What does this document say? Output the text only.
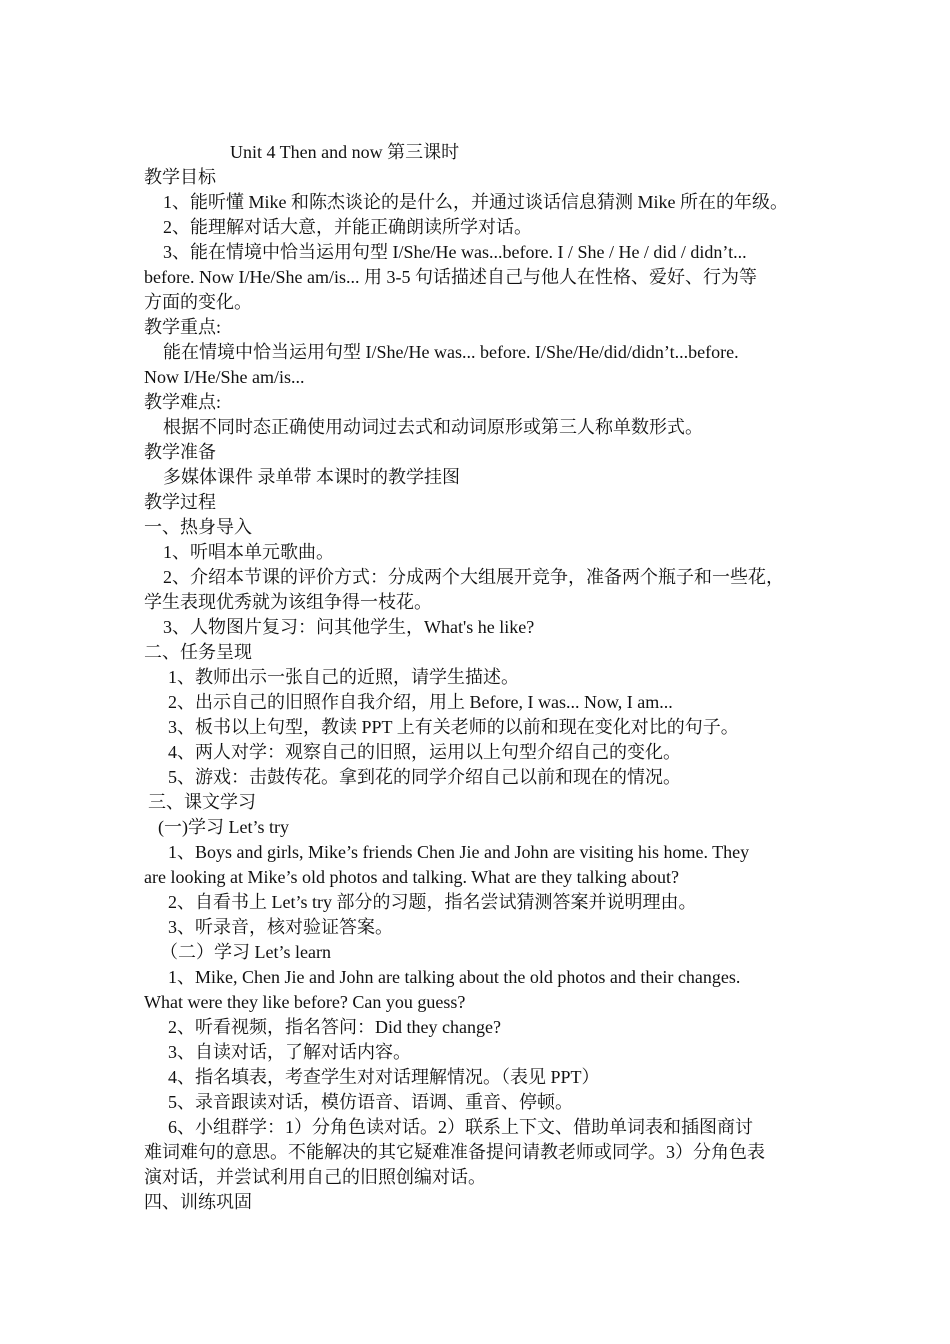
Unit 4 Then and now 第三课时
教学目标
1、能听懂 Mike 和陈杰谈论的是什么，并通过谈话信息猜测 Mike 所在的年级。
2、能理解对话大意，并能正确朗读所学对话。
3、能在情境中恰当运用句型 I/She/He was...before. I / She / He / did / didn’t...
before. Now I/He/She am/is... 用 3-5 句话描述自己与他人在性格、爱好、行为等
方面的变化。
教学重点:
能在情境中恰当运用句型 I/She/He was... before. I/She/He/did/didn’t...before.
Now I/He/She am/is...
教学难点:
根据不同时态正确使用动词过去式和动词原形或第三人称单数形式。
教学准备
多媒体课件 录单带 本课时的教学挂图
教学过程
一、热身导入
1、听唱本单元歌曲。
2、介绍本节课的评价方式：分成两个大组展开竞争，准备两个瓶子和一些花，
学生表现优秀就为该组争得一枝花。
3、人物图片复习：问其他学生，What's he like?
二、任务呈现
1、教师出示一张自己的近照，请学生描述。
2、出示自己的旧照作自我介绍，用上 Before, I was... Now, I am...
3、板书以上句型，教读 PPT 上有关老师的以前和现在变化对比的句子。
4、两人对学：观察自己的旧照，运用以上句型介绍自己的变化。
5、游戏：击鼓传花。拿到花的同学介绍自己以前和现在的情况。
三、课文学习
(一)学习 Let’s try
1、Boys and girls, Mike’s friends Chen Jie and John are visiting his home. They
are looking at Mike’s old photos and talking. What are they talking about?
2、自看书上 Let’s try 部分的习题，指名尝试猜测答案并说明理由。
3、听录音，核对验证答案。
（二）学习 Let’s learn
1、Mike, Chen Jie and John are talking about the old photos and their changes.
What were they like before? Can you guess?
2、听看视频，指名答问：Did they change?
3、自读对话，了解对话内容。
4、指名填表，考查学生对对话理解情况。（表见 PPT）
5、录音跟读对话，模仿语音、语调、重音、停顿。
6、小组群学：1）分角色读对话。2）联系上下文、借助单词表和插图商讨
难词难句的意思。不能解决的其它疑难准备提问请教老师或同学。3）分角色表
演对话，并尝试利用自己的旧照创编对话。
四、训练巩固
